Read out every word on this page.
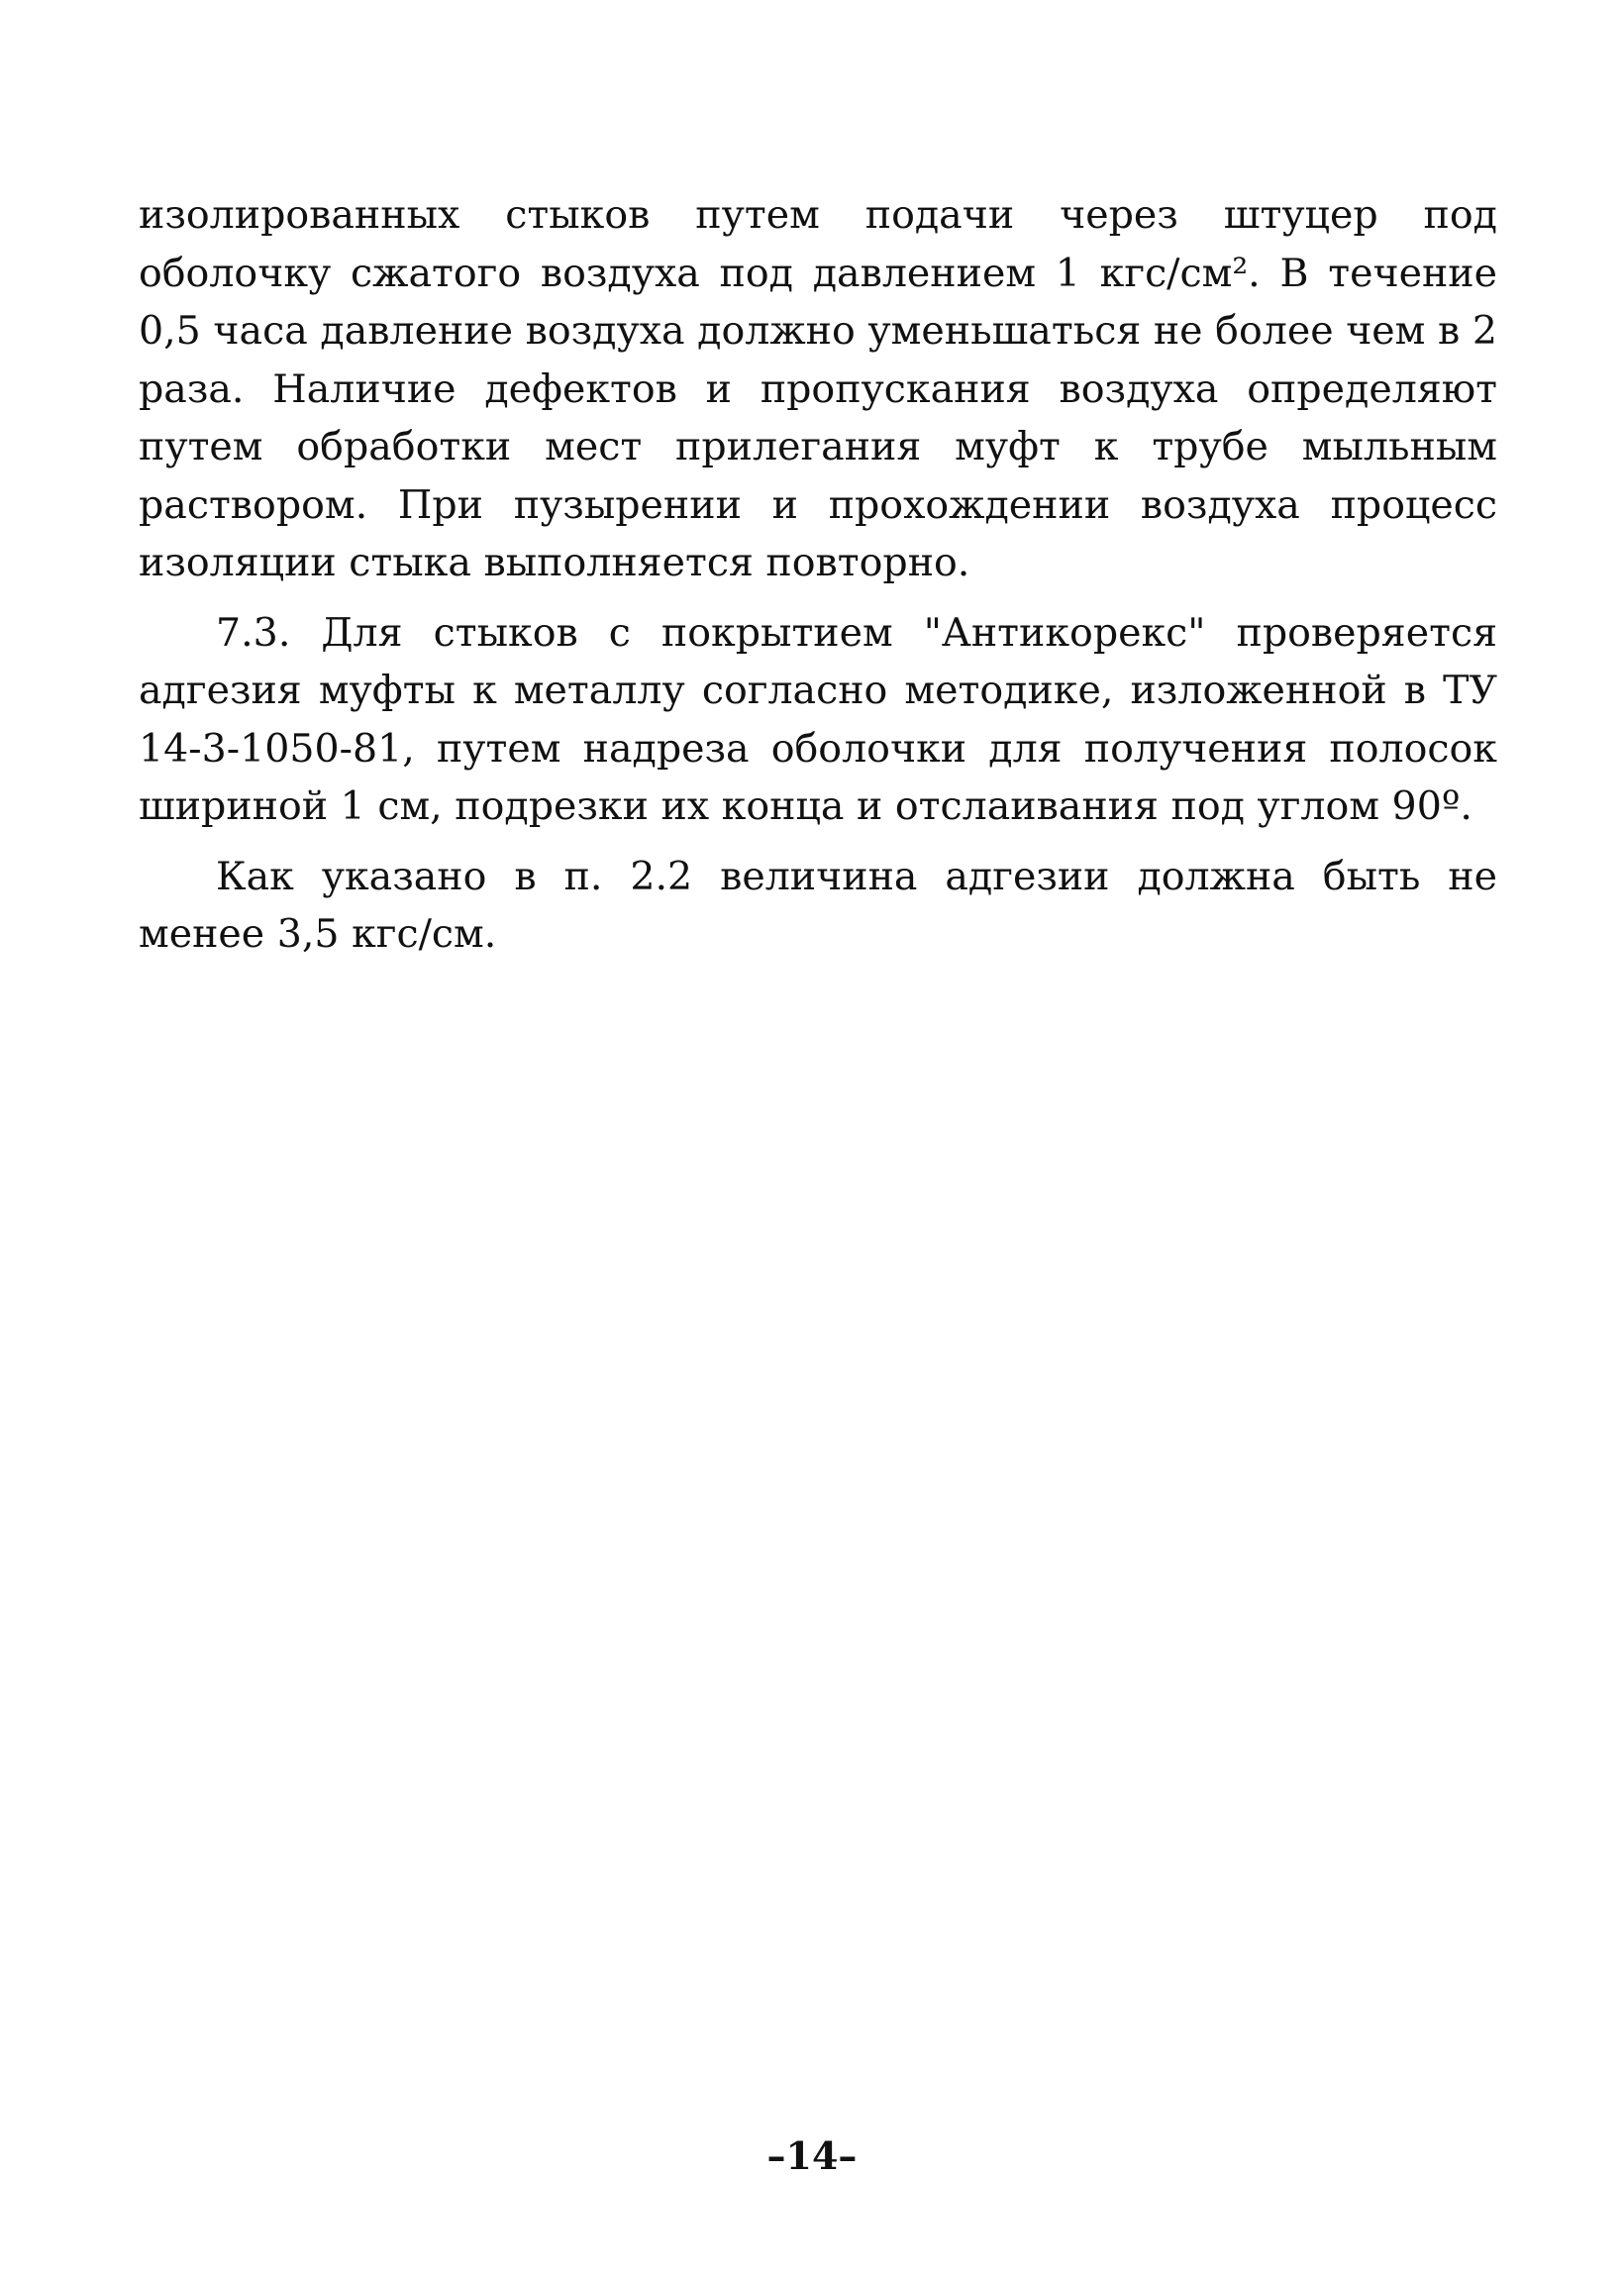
изолированных стыков путем подачи через штуцер под оболочку сжатого воздуха под давлением 1 кгс/см². В течение 0,5 часа давление воздуха должно уменьшаться не более чем в 2 раза. Наличие дефектов и пропускания воздуха определяют путем обработки мест прилегания муфт к трубе мыльным раствором. При пузырении и прохождении воздуха процесс изоляции стыка выполняется повторно.

7.3. Для стыков с покрытием "Антикорекс" проверяется адгезия муфты к металлу согласно методике, изложенной в ТУ 14-3-1050-81, путем надреза оболочки для получения полосок шириной 1 см, подрезки их конца и отслаивания под углом 90º.

Как указано в п. 2.2 величина адгезии должна быть не менее 3,5 кгс/см.

–14–
